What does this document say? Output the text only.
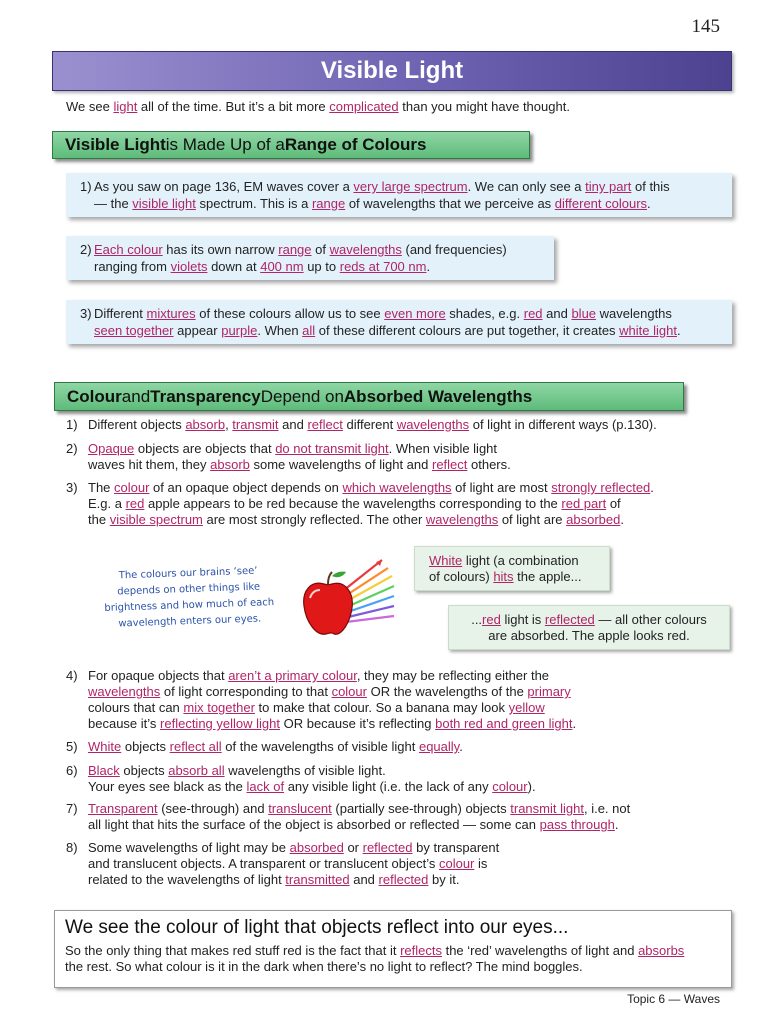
145
Visible Light
We see light all of the time. But it’s a bit more complicated than you might have thought.
Visible Light is Made Up of a Range of Colours
1) As you saw on page 136, EM waves cover a very large spectrum. We can only see a tiny part of this
— the visible light spectrum. This is a range of wavelengths that we perceive as different colours.
2) Each colour has its own narrow range of wavelengths (and frequencies)
ranging from violets down at 400 nm up to reds at 700 nm.
3) Different mixtures of these colours allow us to see even more shades, e.g. red and blue wavelengths
seen together appear purple. When all of these different colours are put together, it creates white light.
Colour and Transparency Depend on Absorbed Wavelengths
1) Different objects absorb, transmit and reflect different wavelengths of light in different ways (p.130).
2) Opaque objects are objects that do not transmit light. When visible light
waves hit them, they absorb some wavelengths of light and reflect others.
3) The colour of an opaque object depends on which wavelengths of light are most strongly reflected.
E.g. a red apple appears to be red because the wavelengths corresponding to the red part of
the visible spectrum are most strongly reflected. The other wavelengths of light are absorbed.
The colours our brains ‘see’ depends on other things like brightness and how much of each wavelength enters our eyes.
White light (a combination
of colours) hits the apple...
...red light is reflected — all other colours
are absorbed. The apple looks red.
4) For opaque objects that aren’t a primary colour, they may be reflecting either the
wavelengths of light corresponding to that colour OR the wavelengths of the primary
colours that can mix together to make that colour. So a banana may look yellow
because it’s reflecting yellow light OR because it’s reflecting both red and green light.
5) White objects reflect all of the wavelengths of visible light equally.
6) Black objects absorb all wavelengths of visible light.
Your eyes see black as the lack of any visible light (i.e. the lack of any colour).
7) Transparent (see-through) and translucent (partially see-through) objects transmit light, i.e. not
all light that hits the surface of the object is absorbed or reflected — some can pass through.
8) Some wavelengths of light may be absorbed or reflected by transparent
and translucent objects. A transparent or translucent object’s colour is
related to the wavelengths of light transmitted and reflected by it.
We see the colour of light that objects reflect into our eyes...
So the only thing that makes red stuff red is the fact that it reflects the ‘red’ wavelengths of light and absorbs
the rest. So what colour is it in the dark when there’s no light to reflect? The mind boggles.
Topic 6 — Waves
